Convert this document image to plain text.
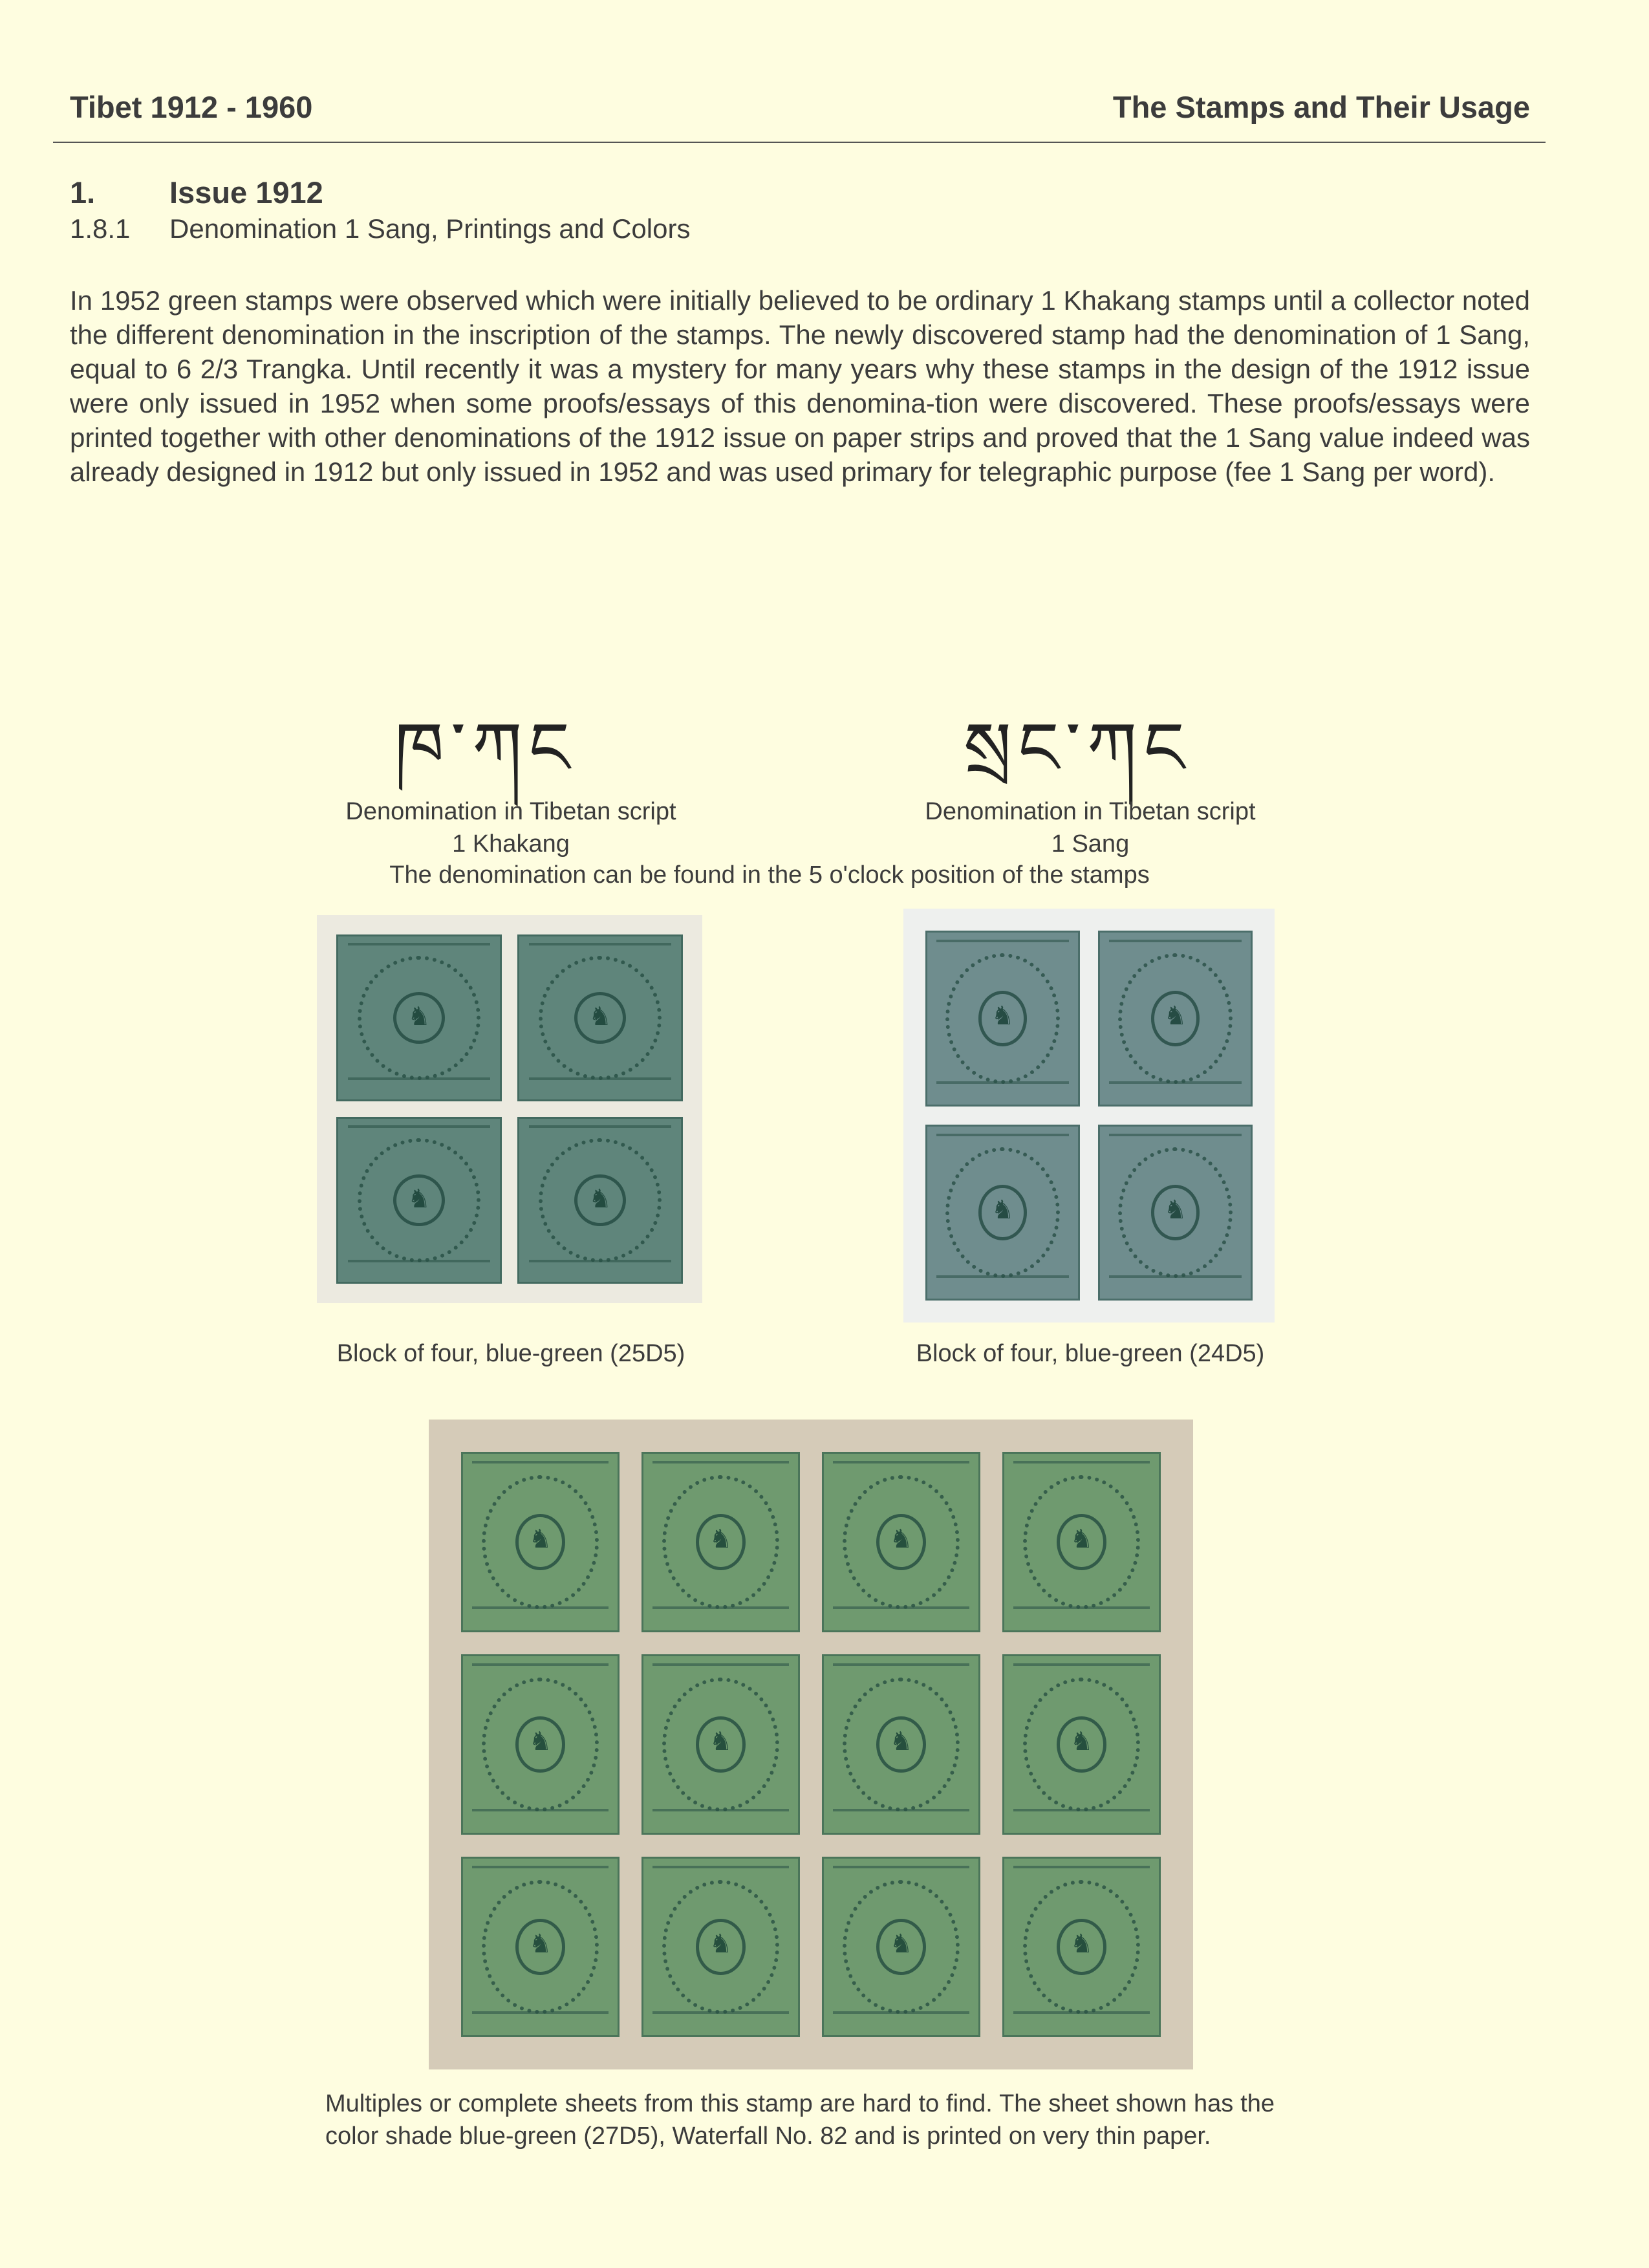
Tibet 1912 - 1960	The Stamps and Their Usage
1. Issue 1912
1.8.1 Denomination 1 Sang, Printings and Colors
In 1952 green stamps were observed which were initially believed to be ordinary 1 Khakang stamps until a collector noted the different denomination in the inscription of the stamps. The newly discovered stamp had the denomination of 1 Sang, equal to 6 2/3 Trangka. Until recently it was a mystery for many years why these stamps in the design of the 1912 issue were only issued in 1952 when some proofs/essays of this denomina-tion were discovered. These proofs/essays were printed together with other denominations of the 1912 issue on paper strips and proved that the 1 Sang value indeed was already designed in 1912 but only issued in 1952 and was used primary for telegraphic purpose (fee 1 Sang per word).
ཁ་ཀང	སྲང་ཀང
Denomination in Tibetan script
1 Khakang
Denomination in Tibetan script
1 Sang
The denomination can be found in the 5 o'clock position of the stamps
♞	♞
♞	♞
Block of four, blue-green (25D5)
♞	♞
♞	♞
Block of four, blue-green (24D5)
♞	♞	♞	♞
♞	♞	♞	♞
♞	♞	♞	♞
Multiples or complete sheets from this stamp are hard to find. The sheet shown has the color shade blue-green (27D5), Waterfall No. 82 and is printed on very thin paper.
